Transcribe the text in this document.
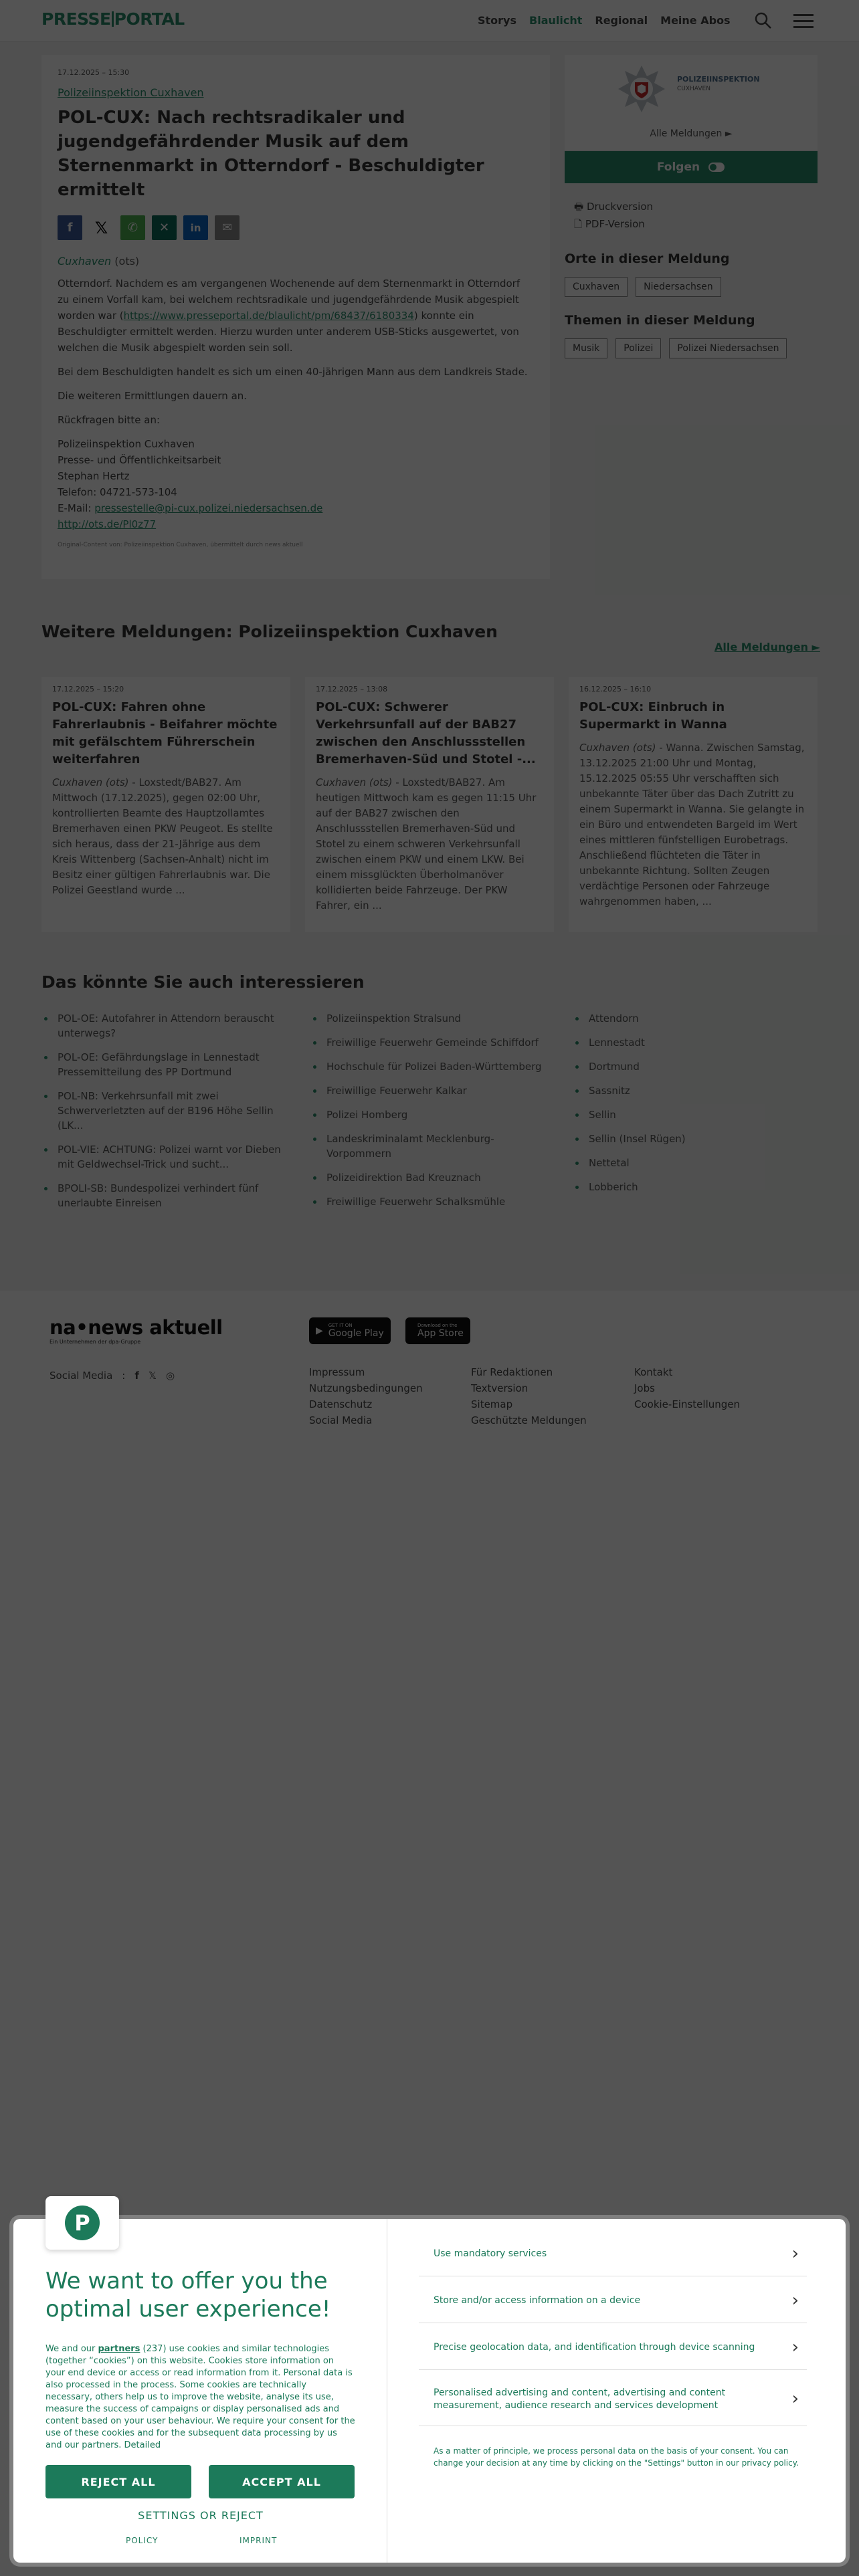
P
We want to offer you the optimal user experience!
We and our partners (237) use cookies and similar technologies (together “cookies”) on this website. Cookies store information on your end device or access or read information from it. Personal data is also processed in the process. Some cookies are technically necessary, others help us to improve the website, analyse its use, measure the success of campaigns or display personalised ads and content based on your user behaviour. We require your consent for the use of these cookies and for the subsequent data processing by us and our partners. Detailed
REJECT ALL	ACCEPT ALL
SETTINGS OR REJECT
POLICY	IMPRINT
Use mandatory services	›
Store and/or access information on a device	›
Precise geolocation data, and identification through device scanning ›
Personalised advertising and content, advertising and content measurement, audience research and services development	›
As a matter of principle, we process personal data on the basis of your consent. You can change your decision at any time by clicking on the "Settings" button in our privacy policy.
